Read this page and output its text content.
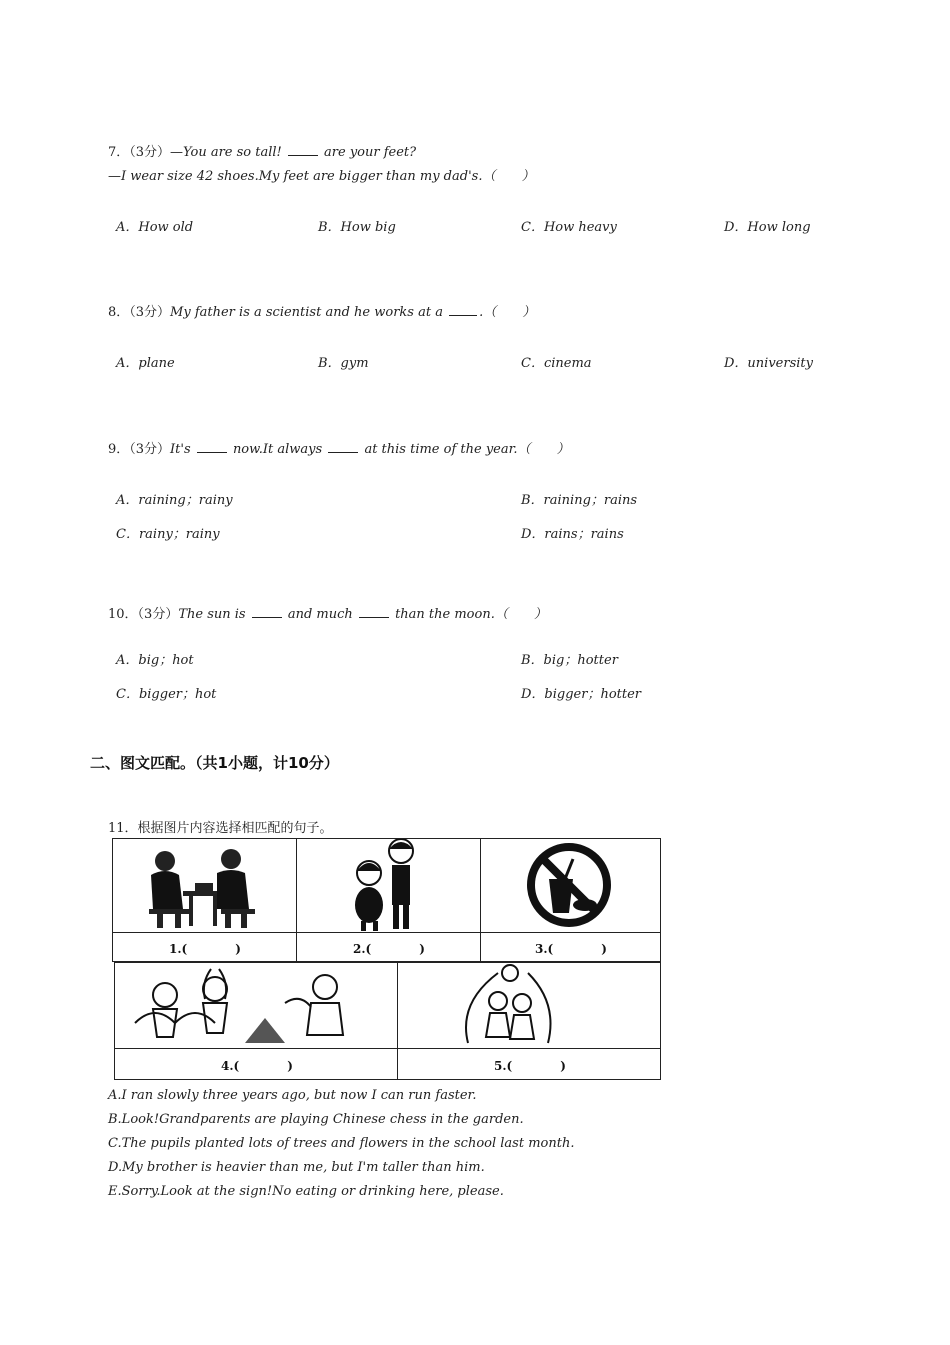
7．（3分）—You are so tall!	are your feet?
—I wear size 42 shoes.My feet are bigger than my dad's.（　　）
A．How old	B．How big	C．How heavy	D．How long
8．（3分）My father is a scientist and he works at a	.（　　）
A．plane	B．gym	C．cinema	D．university
9．（3分）It's	now.It always	at this time of the year.（　　）
A．raining；rainy	B．raining；rains
C．rainy；rainy	D．rains；rains
10．（3分）The sun is	and much	than the moon.（　　）
A．big；hot	B．big；hotter
C．bigger；hot	D．bigger；hotter
二、图文匹配。（共1小题，计10分）
11．根据图片内容选择相匹配的句子。
1.(　　　　)	2.(　　　　)	3.(　　　　)
4.(　　　　)	5.(　　　　)
A.I ran slowly three years ago, but now I can run faster.
B.Look!Grandparents are playing Chinese chess in the garden.
C.The pupils planted lots of trees and flowers in the school last month.
D.My brother is heavier than me, but I'm taller than him.
E.Sorry.Look at the sign!No eating or drinking here, please.
